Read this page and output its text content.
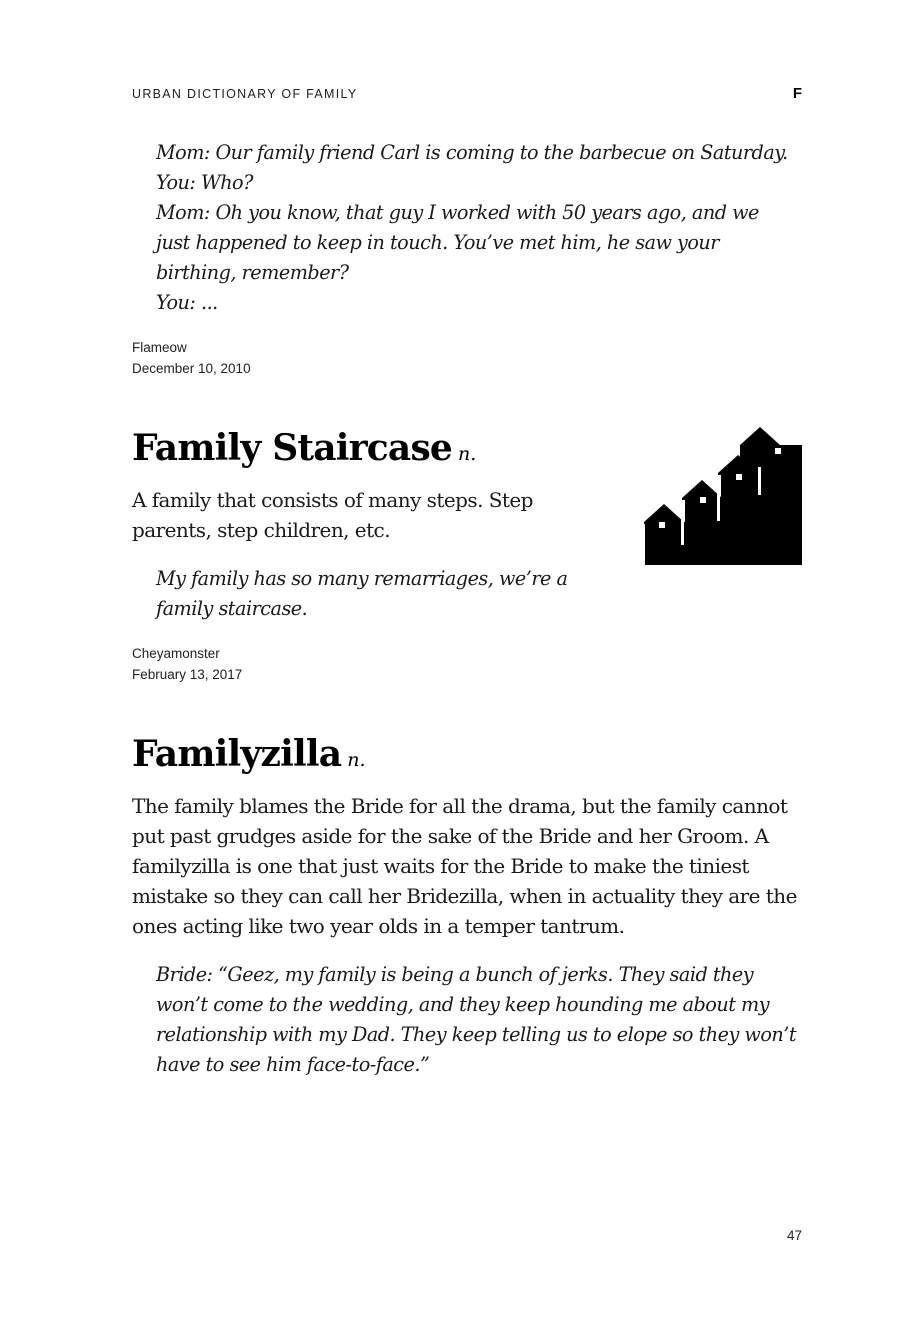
URBAN DICTIONARY OF FAMILY	F
Mom: Our family friend Carl is coming to the barbecue on Saturday.
You: Who?
Mom: Oh you know, that guy I worked with 50 years ago, and we
just happened to keep in touch. You’ve met him, he saw your
birthing, remember?
You: ...
Flameow
December 10, 2010
Family Staircase n.
A family that consists of many steps. Step
parents, step children, etc.
My family has so many remarriages, we’re a
family staircase.
Cheyamonster
February 13, 2017
Familyzilla n.
The family blames the Bride for all the drama, but the family cannot
put past grudges aside for the sake of the Bride and her Groom. A
familyzilla is one that just waits for the Bride to make the tiniest
mistake so they can call her Bridezilla, when in actuality they are the
ones acting like two year olds in a temper tantrum.
Bride: “Geez, my family is being a bunch of jerks. They said they
won’t come to the wedding, and they keep hounding me about my
relationship with my Dad. They keep telling us to elope so they won’t
have to see him face-to-face.”
47
